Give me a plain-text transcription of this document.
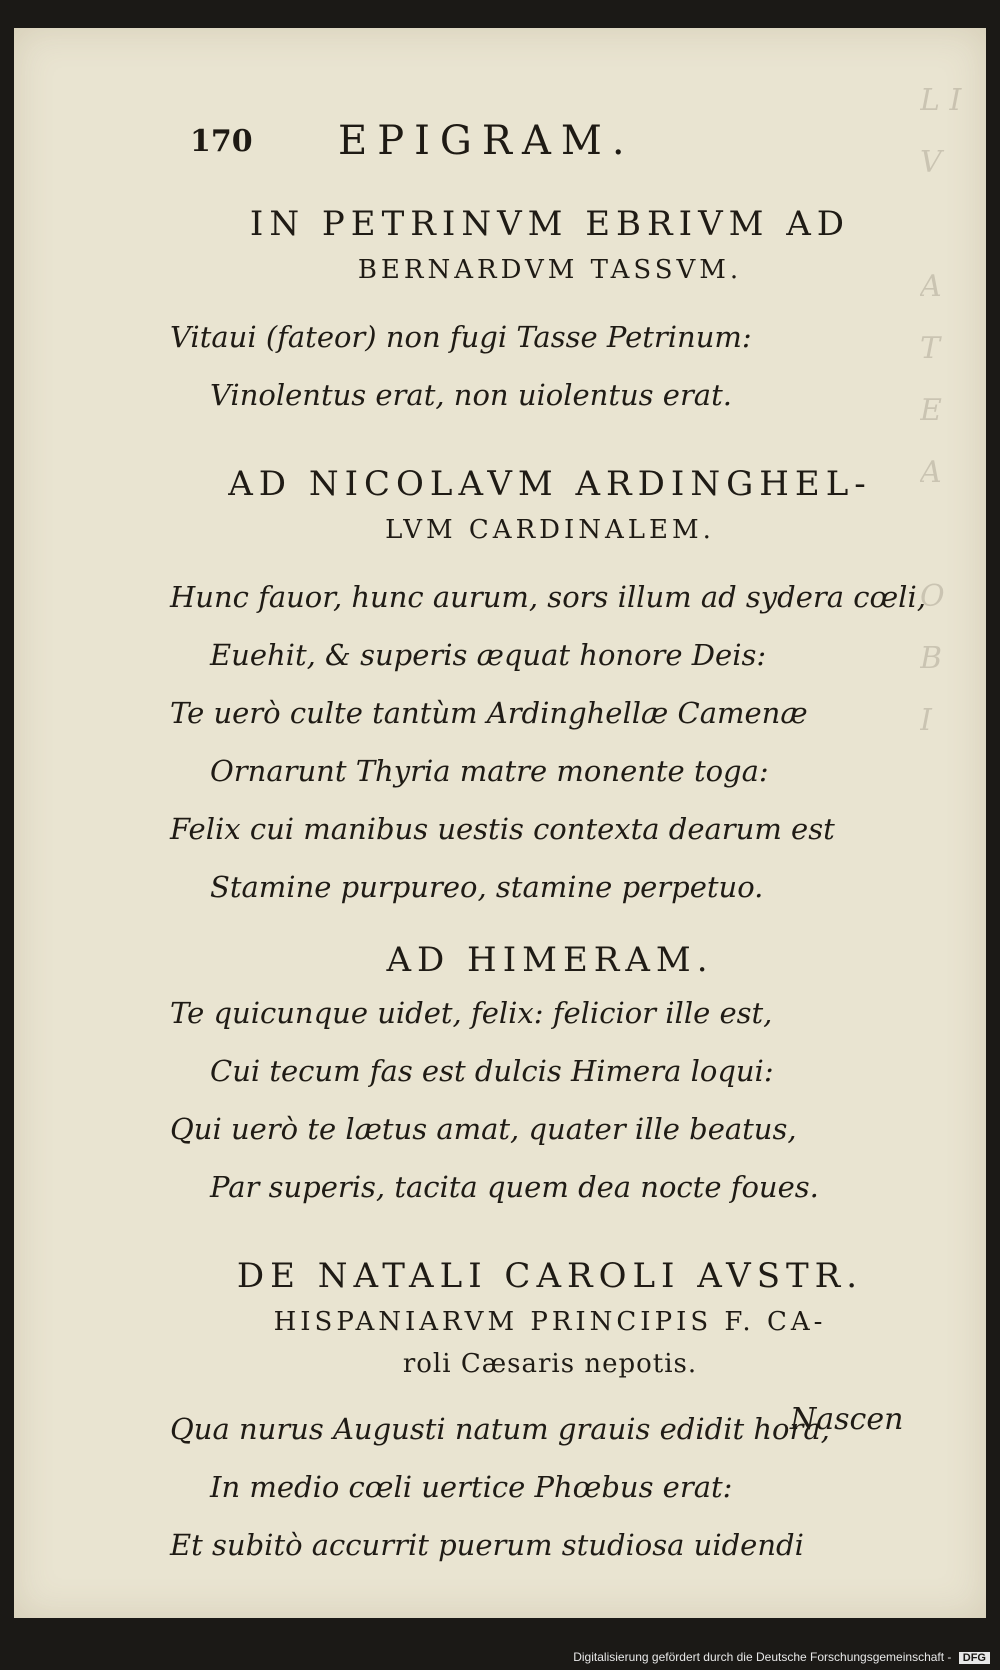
L I
V

A
T
E
A

O
B
I
170 EPIGRAM.

IN PETRINVM EBRIVM AD

BERNARDVM TASSVM.

Vitaui (fateor) non fugi Tasse Petrinum:

Vinolentus erat, non uiolentus erat.

AD NICOLAVM ARDINGHEL-

LVM CARDINALEM.

Hunc fauor, hunc aurum, sors illum ad sydera cœli,

Euehit, & superis æquat honore Deis:

Te uerò culte tantùm Ardinghellæ Camenæ

Ornarunt Thyria matre monente toga:

Felix cui manibus uestis contexta dearum est

Stamine purpureo, stamine perpetuo.

AD HIMERAM.

Te quicunque uidet, felix: felicior ille est,

Cui tecum fas est dulcis Himera loqui:

Qui uerò te lætus amat, quater ille beatus,

Par superis, tacita quem dea nocte foues.

DE NATALI CAROLI AVSTR.

HISPANIARVM PRINCIPIS F. CA-

roli Cæsaris nepotis.

Qua nurus Augusti natum grauis edidit hora,

In medio cœli uertice Phœbus erat:

Et subitò accurrit puerum studiosa uidendi

Nascen
Digitalisierung gefördert durch die Deutsche Forschungsgemeinschaft - DFG
